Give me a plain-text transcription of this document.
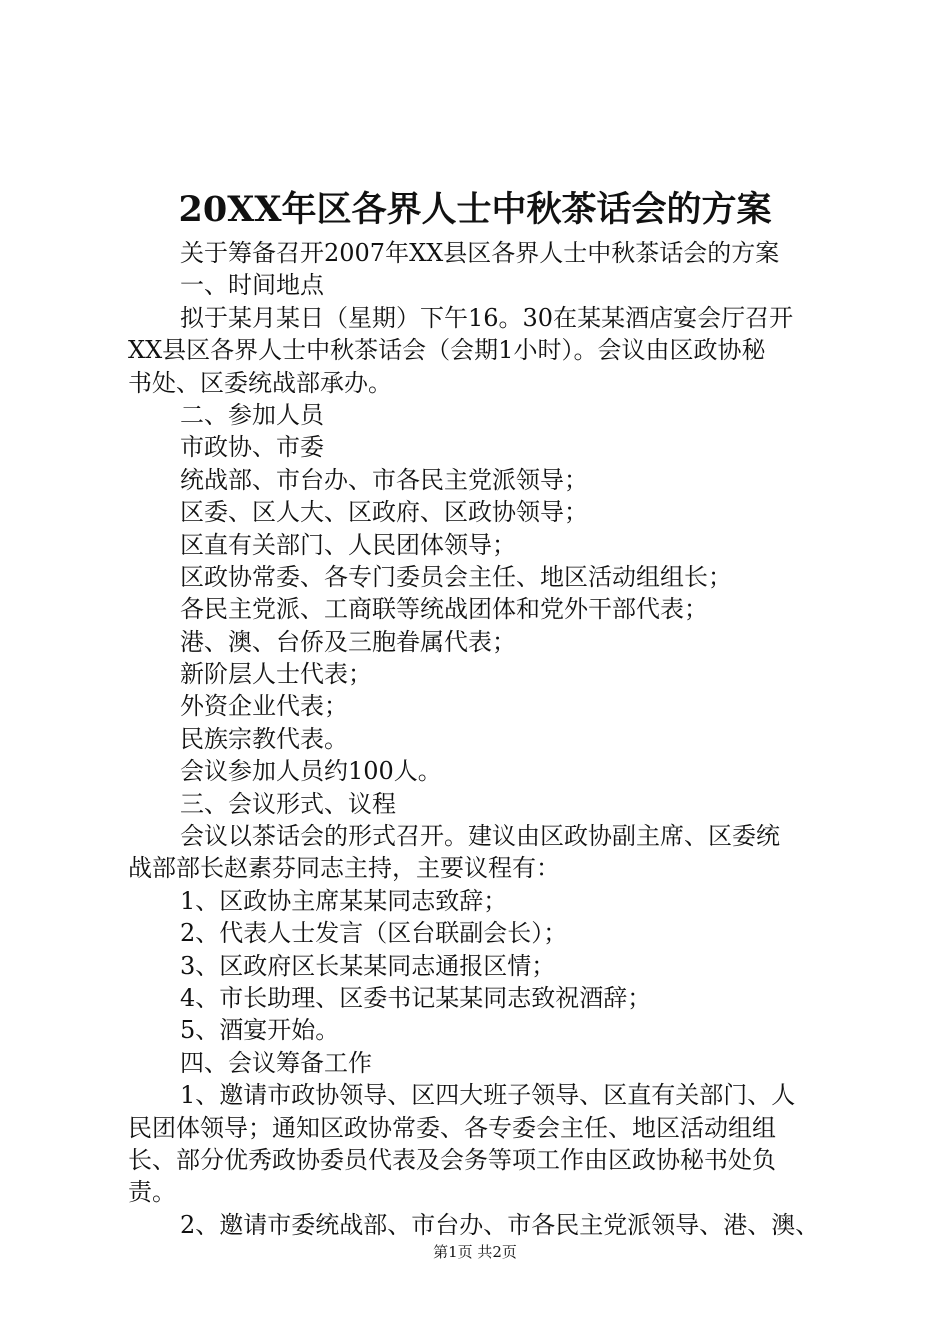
20XX年区各界人士中秋茶话会的方案
关于筹备召开2007年XX县区各界人士中秋茶话会的方案
一、时间地点
拟于某月某日（星期）下午16。30在某某酒店宴会厅召开
XX县区各界人士中秋茶话会（会期1小时）。会议由区政协秘
书处、区委统战部承办。
二、参加人员
市政协、市委
统战部、市台办、市各民主党派领导；
区委、区人大、区政府、区政协领导；
区直有关部门、人民团体领导；
区政协常委、各专门委员会主任、地区活动组组长；
各民主党派、工商联等统战团体和党外干部代表；
港、澳、台侨及三胞眷属代表；
新阶层人士代表；
外资企业代表；
民族宗教代表。
会议参加人员约100人。
三、会议形式、议程
会议以茶话会的形式召开。建议由区政协副主席、区委统
战部部长赵素芬同志主持，主要议程有：
1、区政协主席某某同志致辞；
2、代表人士发言（区台联副会长）；
3、区政府区长某某同志通报区情；
4、市长助理、区委书记某某同志致祝酒辞；
5、酒宴开始。
四、会议筹备工作
1、邀请市政协领导、区四大班子领导、区直有关部门、人
民团体领导；通知区政协常委、各专委会主任、地区活动组组
长、部分优秀政协委员代表及会务等项工作由区政协秘书处负
责。
2、邀请市委统战部、市台办、市各民主党派领导、港、澳、
第1页 共2页
